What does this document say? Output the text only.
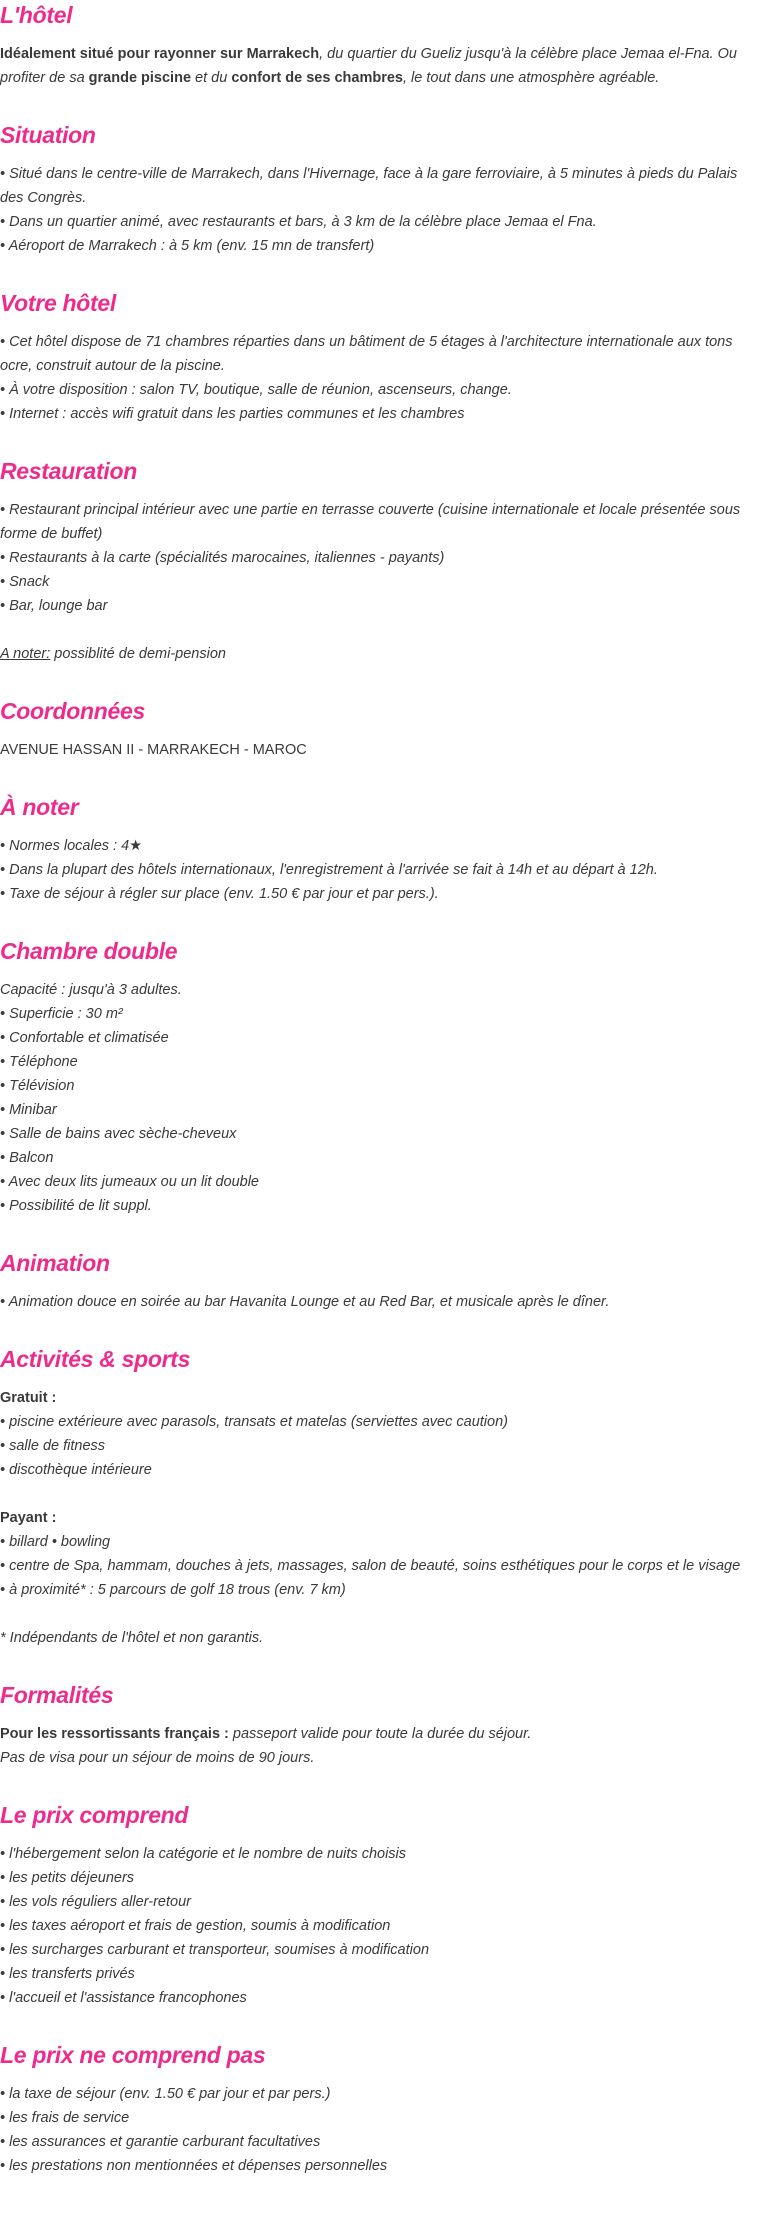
L'hôtel
Idéalement situé pour rayonner sur Marrakech, du quartier du Gueliz jusqu'à la célèbre place Jemaa el-Fna. Ou profiter de sa grande piscine et du confort de ses chambres, le tout dans une atmosphère agréable.
Situation
• Situé dans le centre-ville de Marrakech, dans l'Hivernage, face à la gare ferroviaire, à 5 minutes à pieds du Palais des Congrès.
• Dans un quartier animé, avec restaurants et bars, à 3 km de la célèbre place Jemaa el Fna.
• Aéroport de Marrakech : à 5 km (env. 15 mn de transfert)
Votre hôtel
• Cet hôtel dispose de 71 chambres réparties dans un bâtiment de 5 étages à l'architecture internationale aux tons ocre, construit autour de la piscine.
• À votre disposition : salon TV, boutique, salle de réunion, ascenseurs, change.
• Internet : accès wifi gratuit dans les parties communes et les chambres
Restauration
• Restaurant principal intérieur avec une partie en terrasse couverte (cuisine internationale et locale présentée sous forme de buffet)
• Restaurants à la carte (spécialités marocaines, italiennes - payants)
• Snack
• Bar, lounge bar
A noter: possiblité de demi-pension
Coordonnées
AVENUE HASSAN II - MARRAKECH - MAROC
À noter
• Normes locales : 4★
• Dans la plupart des hôtels internationaux, l'enregistrement à l'arrivée se fait à 14h et au départ à 12h.
• Taxe de séjour à régler sur place (env. 1.50 € par jour et par pers.).
Chambre double
Capacité : jusqu'à 3 adultes.
• Superficie : 30 m²
• Confortable et climatisée
• Téléphone
• Télévision
• Minibar
• Salle de bains avec sèche-cheveux
• Balcon
• Avec deux lits jumeaux ou un lit double
• Possibilité de lit suppl.
Animation
• Animation douce en soirée au bar Havanita Lounge et au Red Bar, et musicale après le dîner.
Activités & sports
Gratuit :
• piscine extérieure avec parasols, transats et matelas (serviettes avec caution)
• salle de fitness
• discothèque intérieure
Payant :
• billard • bowling
• centre de Spa, hammam, douches à jets, massages, salon de beauté, soins esthétiques pour le corps et le visage
• à proximité* : 5 parcours de golf 18 trous (env. 7 km)
* Indépendants de l'hôtel et non garantis.
Formalités
Pour les ressortissants français : passeport valide pour toute la durée du séjour.
Pas de visa pour un séjour de moins de 90 jours.
Le prix comprend
• l'hébergement selon la catégorie et le nombre de nuits choisis
• les petits déjeuners
• les vols réguliers aller-retour
• les taxes aéroport et frais de gestion, soumis à modification
• les surcharges carburant et transporteur, soumises à modification
• les transferts privés
• l'accueil et l'assistance francophones
Le prix ne comprend pas
• la taxe de séjour (env. 1.50 € par jour et par pers.)
• les frais de service
• les assurances et garantie carburant facultatives
• les prestations non mentionnées et dépenses personnelles
